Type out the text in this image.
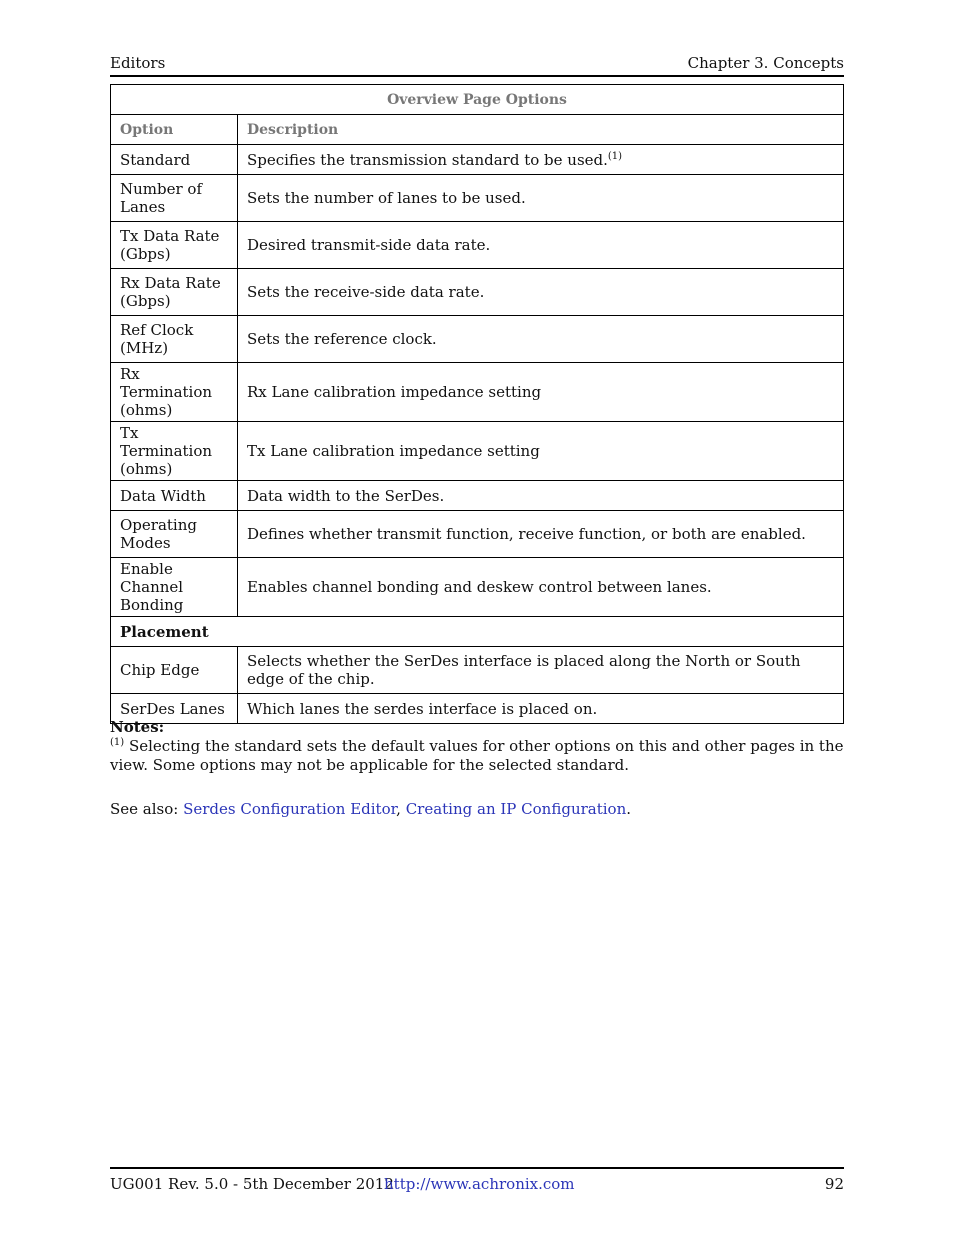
Editors	Chapter 3. Concepts
Overview Page Options	
Option	Description
Standard	Specifies the transmission standard to be used.$^{(1)}$
Number of Lanes	Sets the number of lanes to be used.
Tx Data Rate (Gbps)	Desired transmit-side data rate.
Rx Data Rate (Gbps)	Sets the receive-side data rate.
Ref Clock (MHz)	Sets the reference clock.
Rx Termination (ohms)	Rx Lane calibration impedance setting
Tx Termination (ohms)	Tx Lane calibration impedance setting
Data Width	Data width to the SerDes.
Operating Modes	Defines whether transmit function, receive function, or both are enabled.
Enable Channel Bonding	Enables channel bonding and deskew control between lanes.
Placement	
Chip Edge	Selects whether the SerDes interface is placed along the North or South edge of the chip.
SerDes Lanes	Which lanes the serdes interface is placed on.
Notes:
$^{(1)}$ Selecting the standard sets the default values for other options on this and other pages in the view. Some options may not be applicable for the selected standard.
See also: Serdes Configuration Editor, Creating an IP Configuration.
UG001 Rev. 5.0 - 5th December 2012
http://www.achronix.com	92
